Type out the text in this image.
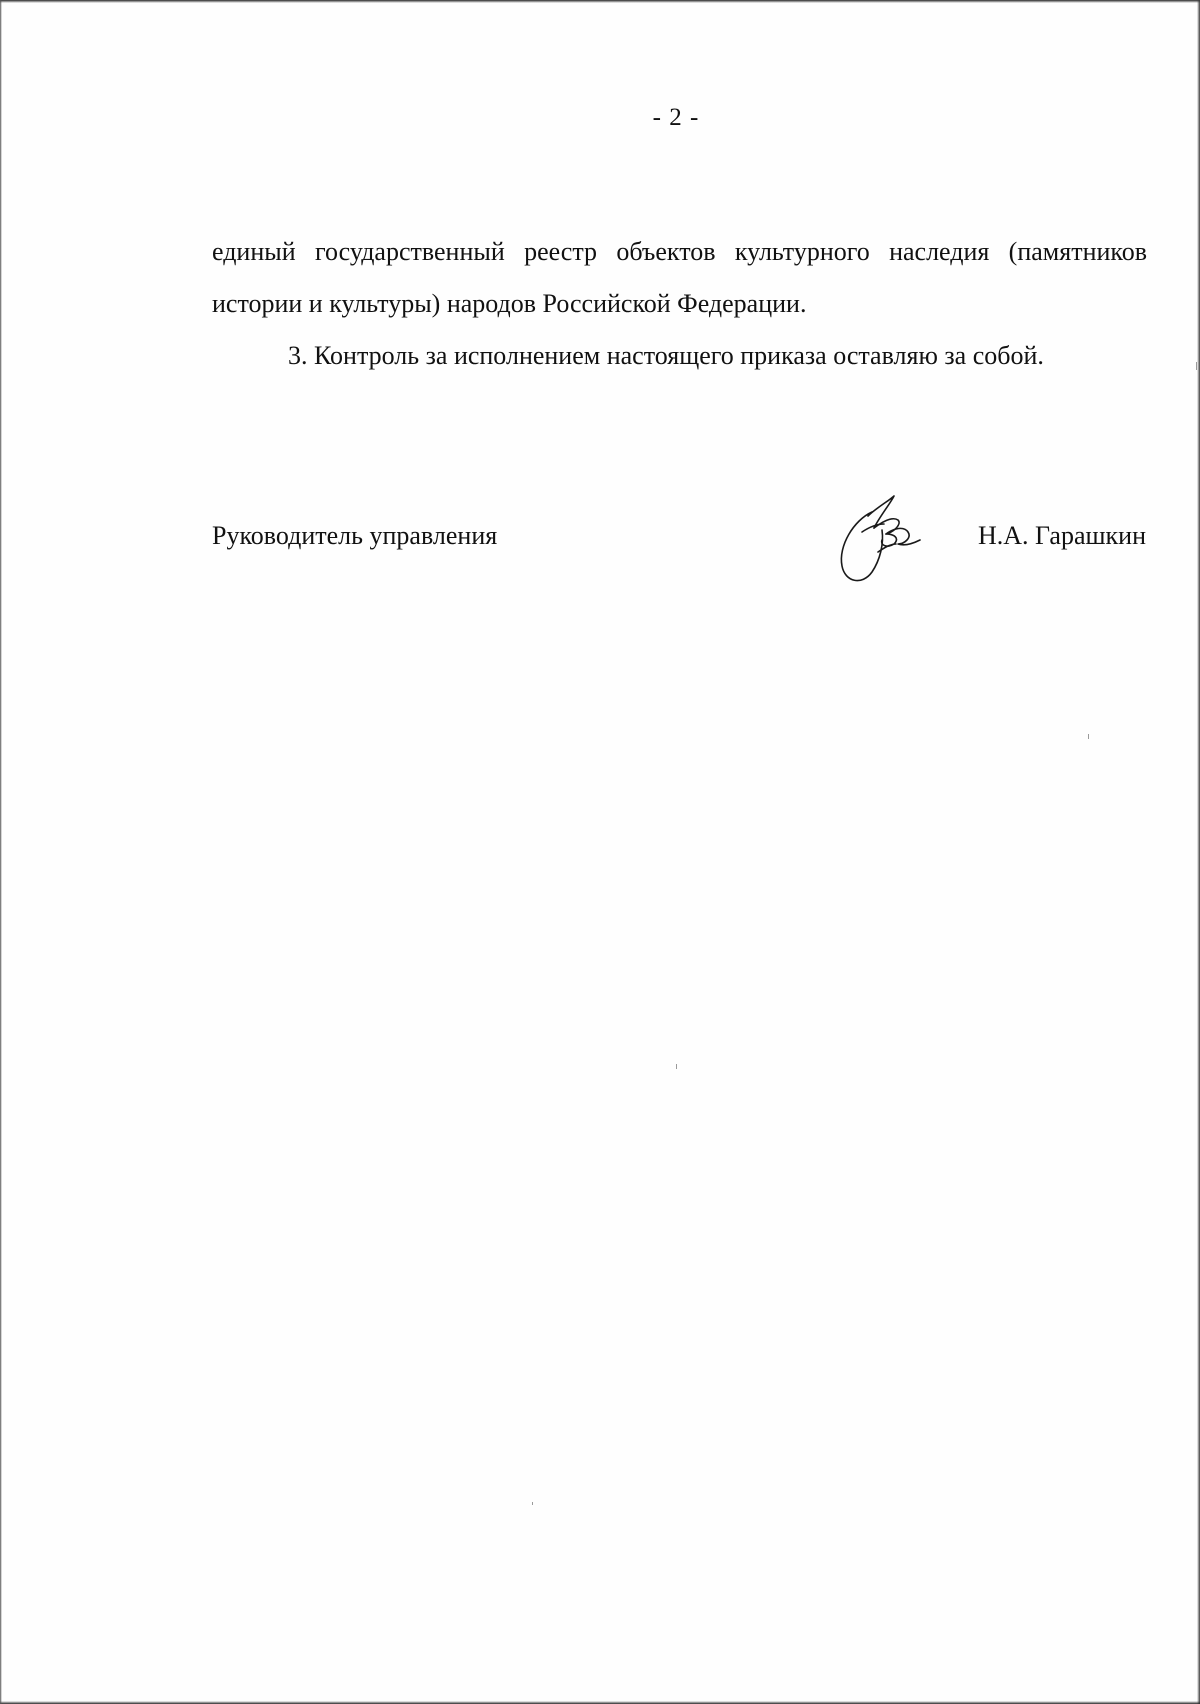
- 2 -

единый государственный реестр объектов культурного наследия (памятников истории и культуры) народов Российской Федерации.

3. Контроль за исполнением настоящего приказа оставляю за собой.

Руководитель управления	Н.А. Гарашкин
